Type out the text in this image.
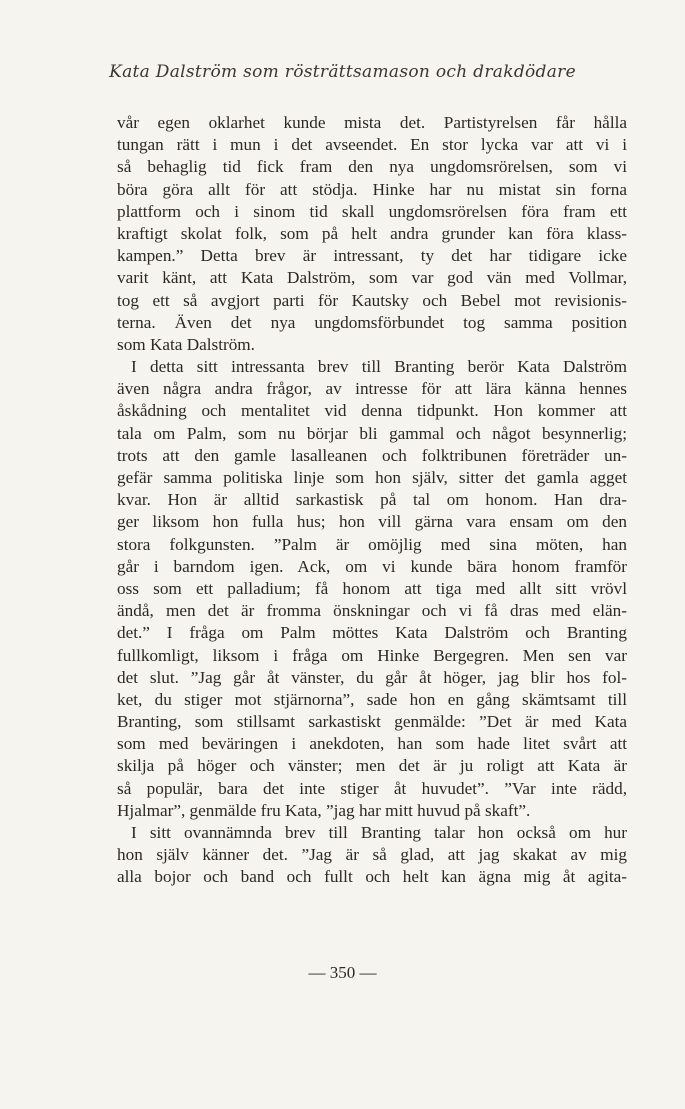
Kata Dalström som rösträttsamason och drakdödare
vår egen oklarhet kunde mista det. Partistyrelsen får hålla
tungan rätt i mun i det avseendet. En stor lycka var att vi i
så behaglig tid fick fram den nya ungdomsrörelsen, som vi
böra göra allt för att stödja. Hinke har nu mistat sin forna
plattform och i sinom tid skall ungdomsrörelsen föra fram ett
kraftigt skolat folk, som på helt andra grunder kan föra klass-
kampen.” Detta brev är intressant, ty det har tidigare icke
varit känt, att Kata Dalström, som var god vän med Vollmar,
tog ett så avgjort parti för Kautsky och Bebel mot revisionis-
terna. Även det nya ungdomsförbundet tog samma position
som Kata Dalström.
I detta sitt intressanta brev till Branting berör Kata Dalström
även några andra frågor, av intresse för att lära känna hennes
åskådning och mentalitet vid denna tidpunkt. Hon kommer att
tala om Palm, som nu börjar bli gammal och något besynnerlig;
trots att den gamle lasalleanen och folktribunen företräder un-
gefär samma politiska linje som hon själv, sitter det gamla agget
kvar. Hon är alltid sarkastisk på tal om honom. Han dra-
ger liksom hon fulla hus; hon vill gärna vara ensam om den
stora folkgunsten. ”Palm är omöjlig med sina möten, han
går i barndom igen. Ack, om vi kunde bära honom framför
oss som ett palladium; få honom att tiga med allt sitt vrövl
ändå, men det är fromma önskningar och vi få dras med elän-
det.” I fråga om Palm möttes Kata Dalström och Branting
fullkomligt, liksom i fråga om Hinke Bergegren. Men sen var
det slut. ”Jag går åt vänster, du går åt höger, jag blir hos fol-
ket, du stiger mot stjärnorna”, sade hon en gång skämtsamt till
Branting, som stillsamt sarkastiskt genmälde: ”Det är med Kata
som med beväringen i anekdoten, han som hade litet svårt att
skilja på höger och vänster; men det är ju roligt att Kata är
så populär, bara det inte stiger åt huvudet”. ”Var inte rädd,
Hjalmar”, genmälde fru Kata, ”jag har mitt huvud på skaft”.
I sitt ovannämnda brev till Branting talar hon också om hur
hon själv känner det. ”Jag är så glad, att jag skakat av mig
alla bojor och band och fullt och helt kan ägna mig åt agita-
— 350 —
